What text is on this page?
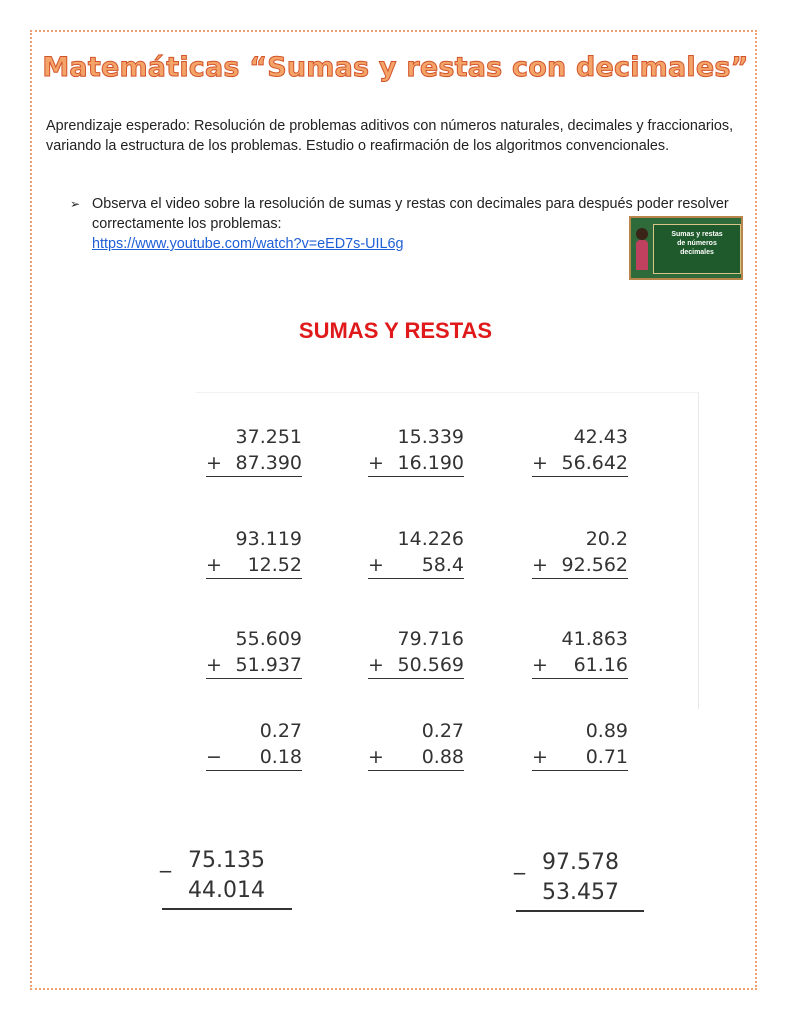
Matemáticas “Sumas y restas con decimales”
Aprendizaje esperado: Resolución de problemas aditivos con números naturales, decimales y fraccionarios, variando la estructura de los problemas. Estudio o reafirmación de los algoritmos convencionales.
➢ Observa el video sobre la resolución de sumas y restas con decimales para después poder resolver correctamente los problemas:
https://www.youtube.com/watch?v=eED7s-UIL6g
Sumas y restas
de números
decimales
SUMAS Y RESTAS
37.251
+ 87.390
15.339
+ 16.190
42.43
+ 56.642
93.119
+ 12.52
14.226
+ 58.4
20.2
+ 92.562
55.609
+ 51.937
79.716
+ 50.569
41.863
+ 61.16
0.27
− 0.18
0.27
+ 0.88
0.89
+ 0.71
_ 75.135
44.014
_ 97.578
53.457
